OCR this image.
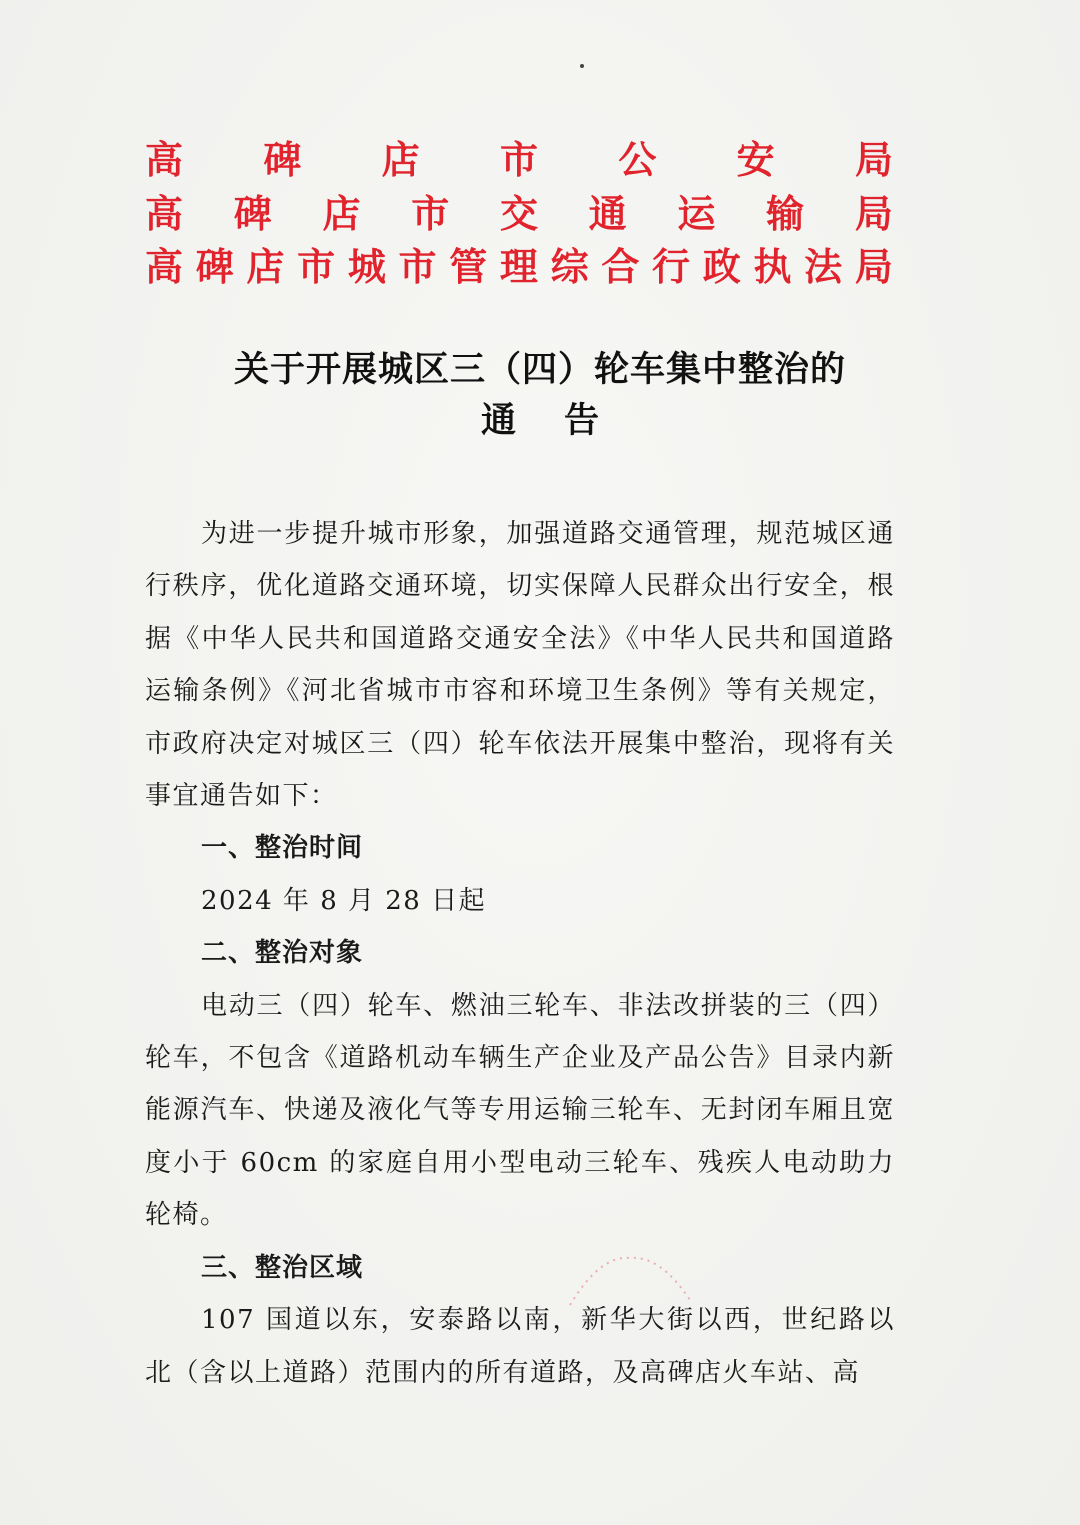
高 碑 店 市 公 安 局
高 碑 店 市 交 通 运 输 局
高 碑 店 市 城 市 管 理 综 合 行 政 执 法 局
关于开展城区三（四）轮车集中整治的
通告

为进一步提升城市形象，加强道路交通管理，规范城区通行秩序，优化道路交通环境，切实保障人民群众出行安全，根据《中华人民共和国道路交通安全法》《中华人民共和国道路运输条例》《河北省城市市容和环境卫生条例》等有关规定，市政府决定对城区三（四）轮车依法开展集中整治，现将有关事宜通告如下：

一、整治时间

2024 年 8 月 28 日起

二、整治对象

电动三（四）轮车、燃油三轮车、非法改拼装的三（四）轮车，不包含《道路机动车辆生产企业及产品公告》目录内新能源汽车、快递及液化气等专用运输三轮车、无封闭车厢且宽度小于 60cm 的家庭自用小型电动三轮车、残疾人电动助力轮椅。

三、整治区域

107 国道以东，安泰路以南，新华大街以西，世纪路以北（含以上道路）范围内的所有道路，及高碑店火车站、高
